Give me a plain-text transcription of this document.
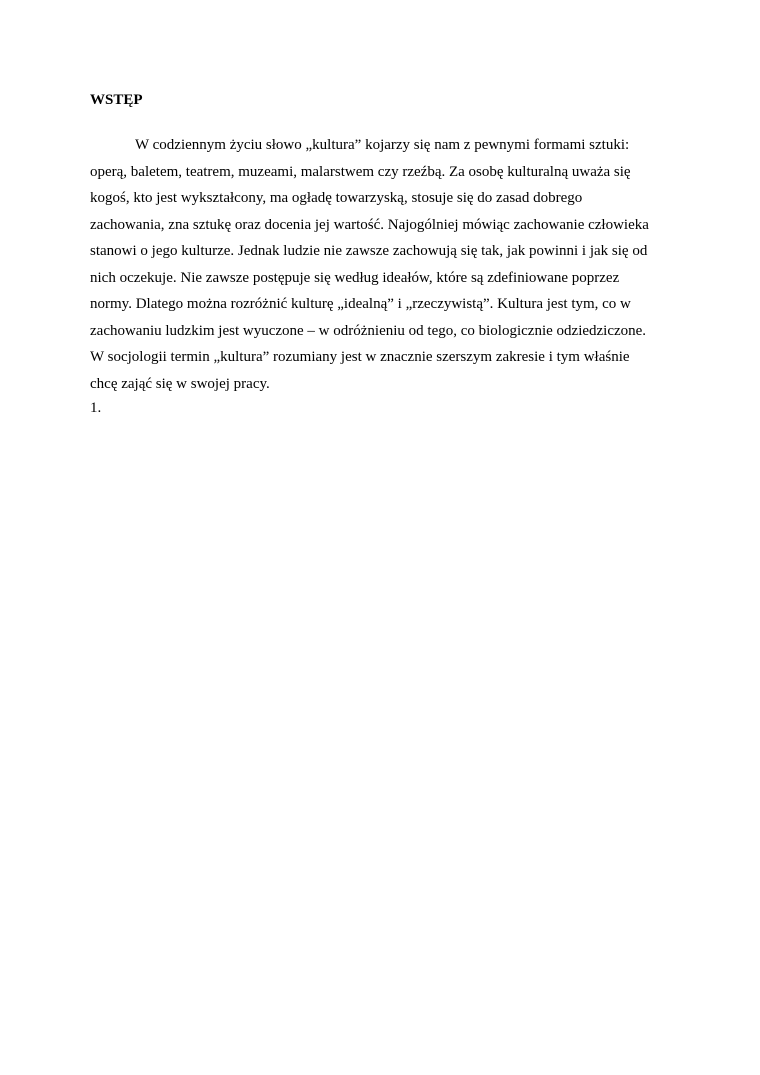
WSTĘP

W codziennym życiu słowo „kultura” kojarzy się nam z pewnymi formami sztuki:
operą, baletem, teatrem, muzeami, malarstwem czy rzeźbą. Za osobę kulturalną uważa się
kogoś, kto jest wykształcony, ma ogładę towarzyską, stosuje się do zasad dobrego
zachowania, zna sztukę oraz docenia jej wartość. Najogólniej mówiąc zachowanie człowieka
stanowi o jego kulturze. Jednak ludzie nie zawsze zachowują się tak, jak powinni i jak się od
nich oczekuje. Nie zawsze postępuje się według ideałów, które są zdefiniowane poprzez
normy. Dlatego można rozróżnić kulturę „idealną” i „rzeczywistą”. Kultura jest tym, co w
zachowaniu ludzkim jest wyuczone – w odróżnieniu od tego, co biologicznie odziedziczone.
W socjologii termin „kultura” rozumiany jest w znacznie szerszym zakresie i tym właśnie
chcę zająć się w swojej pracy.

1.
